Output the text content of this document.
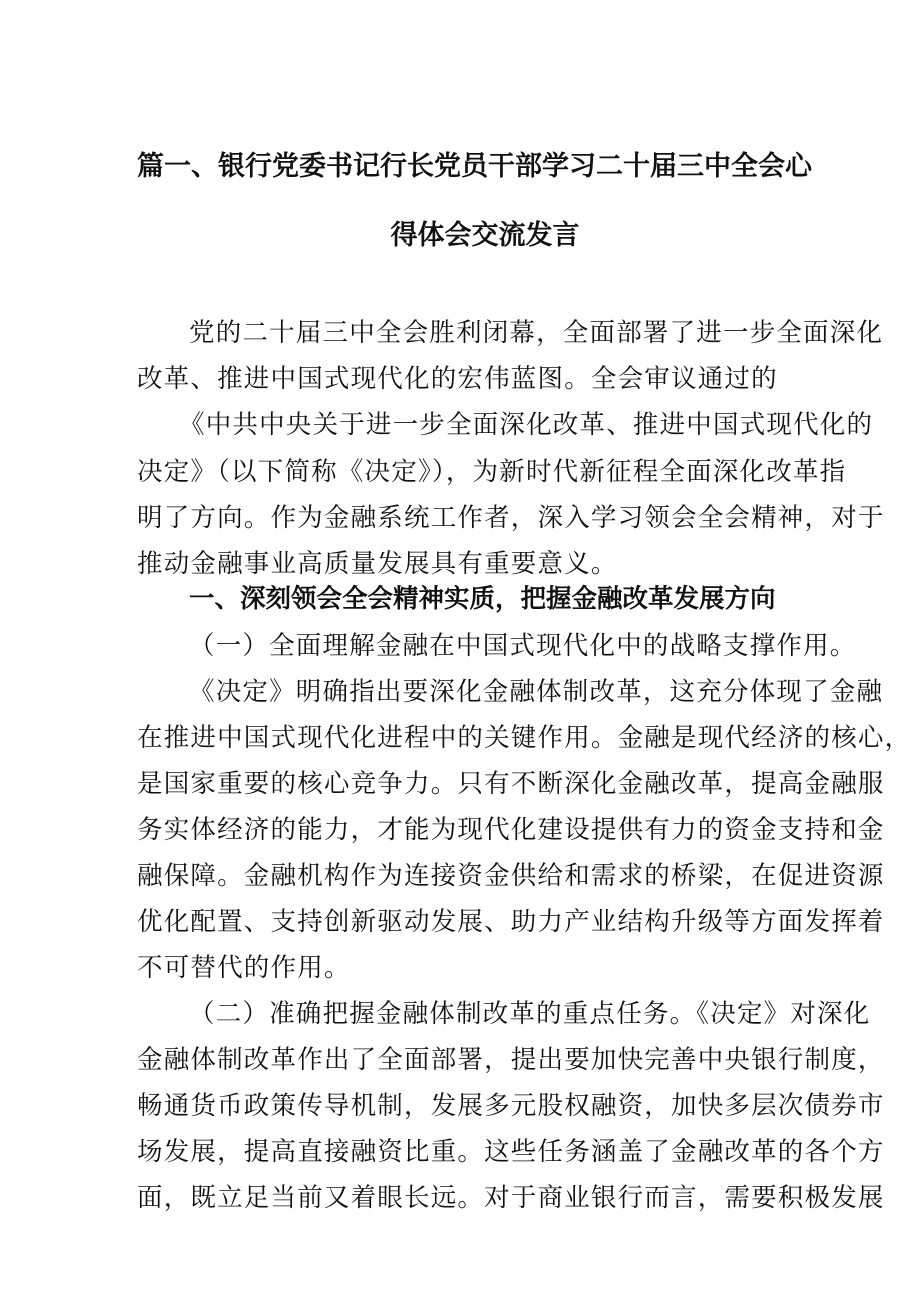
篇一、银行党委书记行长党员干部学习二十届三中全会心
得体会交流发言
党的二十届三中全会胜利闭幕，全面部署了进一步全面深化
改革、推进中国式现代化的宏伟蓝图。全会审议通过的
《中共中央关于进一步全面深化改革、推进中国式现代化的
决定》（以下简称《决定》），为新时代新征程全面深化改革指
明了方向。作为金融系统工作者，深入学习领会全会精神，对于
推动金融事业高质量发展具有重要意义。
一、深刻领会全会精神实质，把握金融改革发展方向
（一）全面理解金融在中国式现代化中的战略支撑作用。
《决定》明确指出要深化金融体制改革，这充分体现了金融
在推进中国式现代化进程中的关键作用。金融是现代经济的核心，
是国家重要的核心竞争力。只有不断深化金融改革，提高金融服
务实体经济的能力，才能为现代化建设提供有力的资金支持和金
融保障。金融机构作为连接资金供给和需求的桥梁，在促进资源
优化配置、支持创新驱动发展、助力产业结构升级等方面发挥着
不可替代的作用。
（二）准确把握金融体制改革的重点任务。《决定》对深化
金融体制改革作出了全面部署，提出要加快完善中央银行制度，
畅通货币政策传导机制，发展多元股权融资，加快多层次债券市
场发展，提高直接融资比重。这些任务涵盖了金融改革的各个方
面，既立足当前又着眼长远。对于商业银行而言，需要积极发展
